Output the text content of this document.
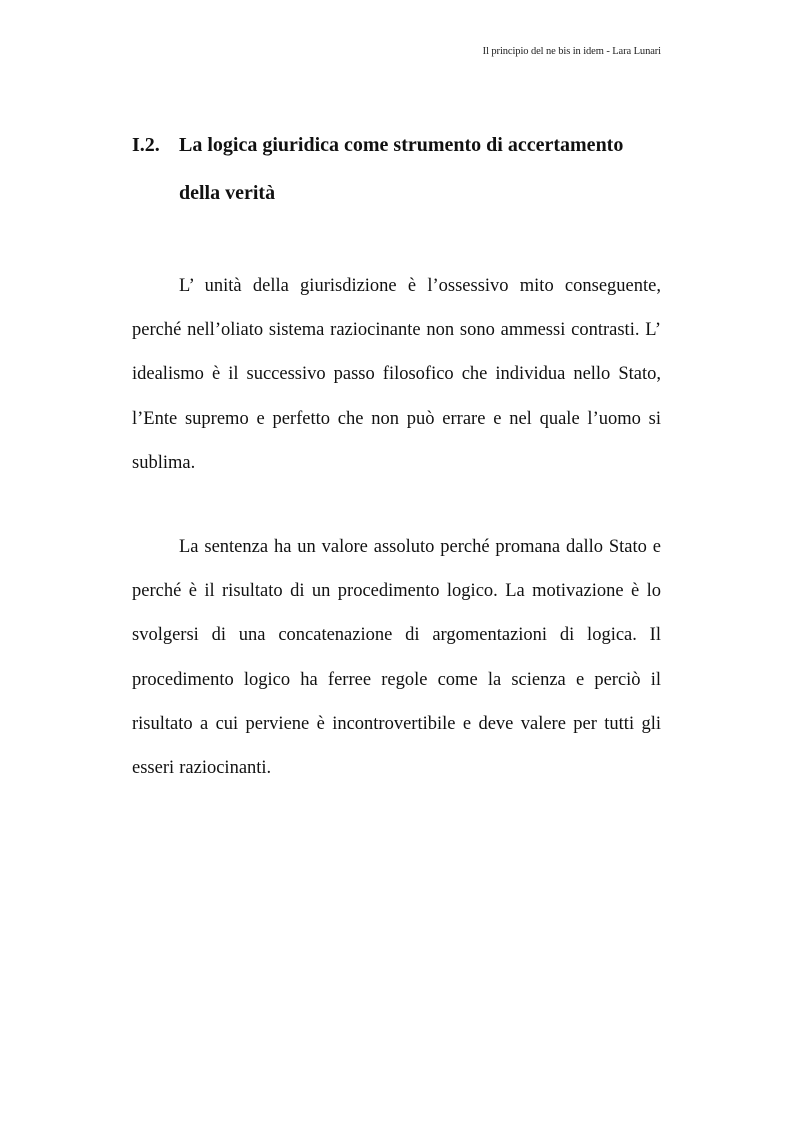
Il principio del ne bis in idem - Lara Lunari
I.2. La logica giuridica come strumento di accertamento
della verità

L’ unità della giurisdizione è l’ossessivo mito conseguente, perché nell’oliato sistema raziocinante non sono ammessi contrasti. L’ idealismo è il successivo passo filosofico che individua nello Stato, l’Ente supremo e perfetto che non può errare e nel quale l’uomo si sublima.

La sentenza ha un valore assoluto perché promana dallo Stato e perché è il risultato di un procedimento logico. La motivazione è lo svolgersi di una concatenazione di argomentazioni di logica. Il procedimento logico ha ferree regole come la scienza e perciò il risultato a cui perviene è incontrovertibile e deve valere per tutti gli esseri raziocinanti.
